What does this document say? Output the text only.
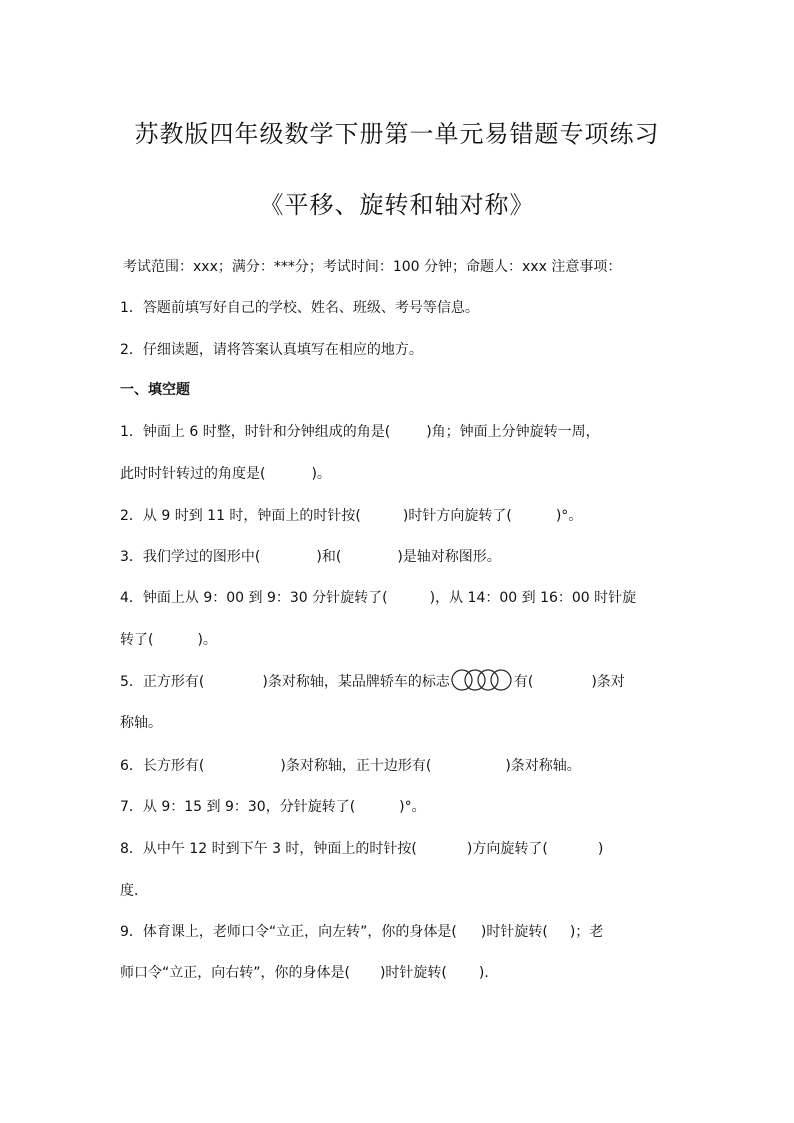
苏教版四年级数学下册第一单元易错题专项练习
《平移、旋转和轴对称》
考试范围：xxx；满分：***分；考试时间：100 分钟；命题人：xxx 注意事项：
1．答题前填写好自己的学校、姓名、班级、考号等信息。
2．仔细读题，请将答案认真填写在相应的地方。
一、填空题
1．钟面上 6 时整，时针和分钟组成的角是(	)角；钟面上分钟旋转一周，
此时时针转过的角度是(	)。
2．从 9 时到 11 时，钟面上的时针按(	)时针方向旋转了(	)°。
3．我们学过的图形中(	)和(	)是轴对称图形。
4．钟面上从 9：00 到 9：30 分针旋转了(	)，从 14：00 到 16：00 时针旋
转了(	)。
5．正方形有(	)条对称轴，某品牌轿车的标志	有(	)条对
称轴。
6．长方形有(	)条对称轴，正十边形有(	)条对称轴。
7．从 9：15 到 9：30，分针旋转了(	)°。
8．从中午 12 时到下午 3 时，钟面上的时针按(	)方向旋转了(	)
度．
9．体育课上，老师口令“立正，向左转”，你的身体是( )时针旋转( )；老
师口令“立正，向右转”，你的身体是( )时针旋转( )．
